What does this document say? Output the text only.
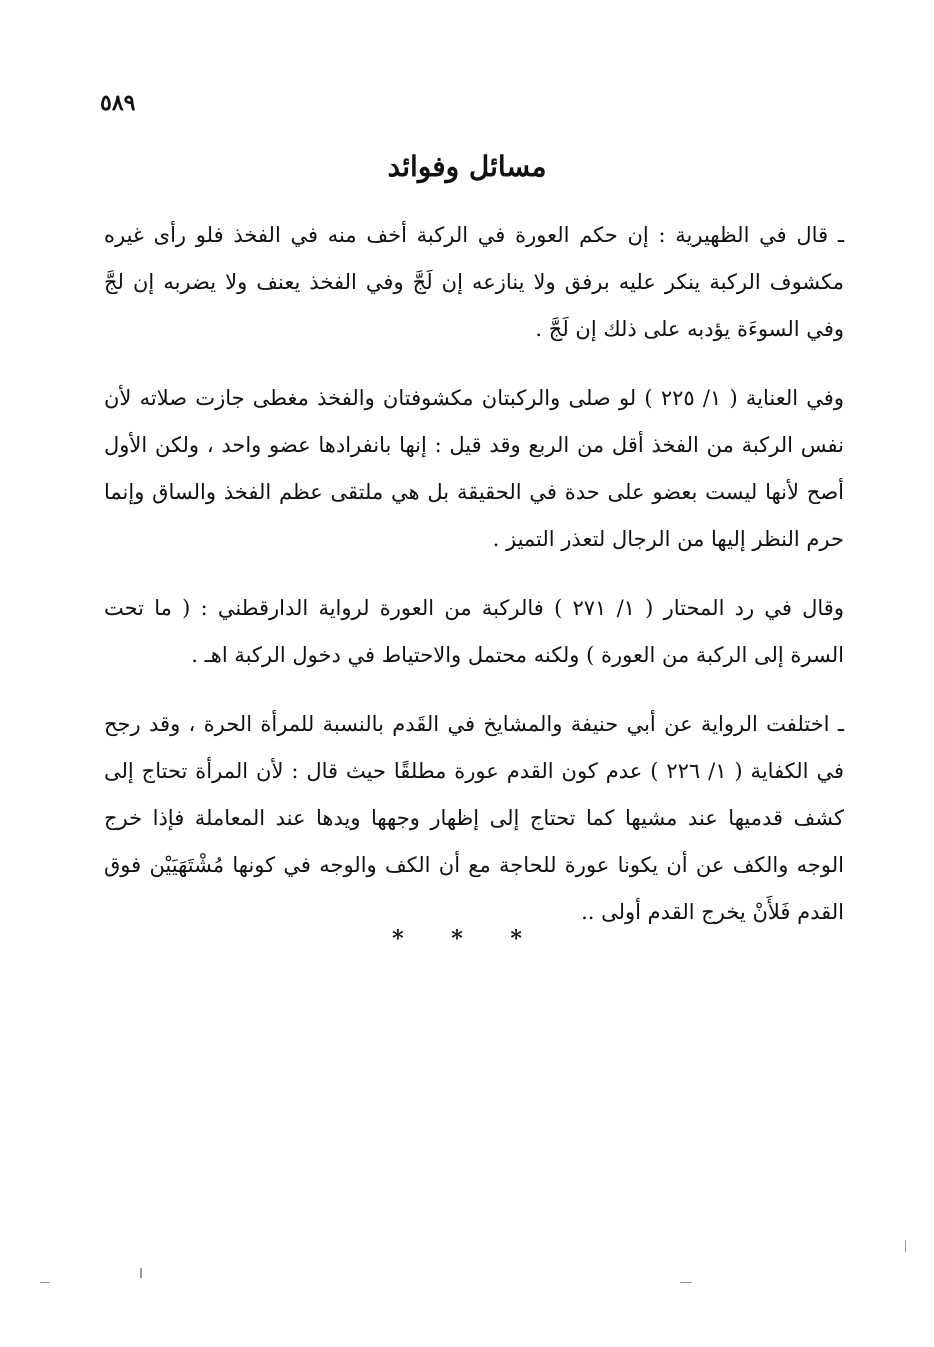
٥٨٩
مسائل وفوائد

ـ قال في الظهيرية : إن حكم العورة في الركبة أخف منه في الفخذ فلو رأى غيره مكشوف الركبة ينكر عليه برفق ولا ينازعه إن لَجَّ وفي الفخذ يعنف ولا يضربه إن لجَّ وفي السوءَة يؤدبه على ذلك إن لَجَّ .

وفي العناية ( ١/ ٢٢٥ ) لو صلى والركبتان مكشوفتان والفخذ مغطى جازت صلاته لأن نفس الركبة من الفخذ أقل من الربع وقد قيل : إنها بانفرادها عضو واحد ، ولكن الأول أصح لأنها ليست بعضو على حدة في الحقيقة بل هي ملتقى عظم الفخذ والساق وإنما حرم النظر إليها من الرجال لتعذر التميز .

وقال في رد المحتار ( ١/ ٢٧١ ) فالركبة من العورة لرواية الدارقطني : ( ما تحت السرة إلى الركبة من العورة ) ولكنه محتمل والاحتياط في دخول الركبة اهـ .

ـ اختلفت الرواية عن أبي حنيفة والمشايخ في القَدم بالنسبة للمرأة الحرة ، وقد رجح في الكفاية ( ١/ ٢٢٦ ) عدم كون القدم عورة مطلقًا حيث قال : لأن المرأة تحتاج إلى كشف قدميها عند مشيها كما تحتاج إلى إظهار وجهها ويدها عند المعاملة فإذا خرج الوجه والكف عن أن يكونا عورة للحاجة مع أن الكف والوجه في كونها مُشْتَهَيَيْن فوق القدم فَلأَنْ يخرج القدم أولى ..

* * *
